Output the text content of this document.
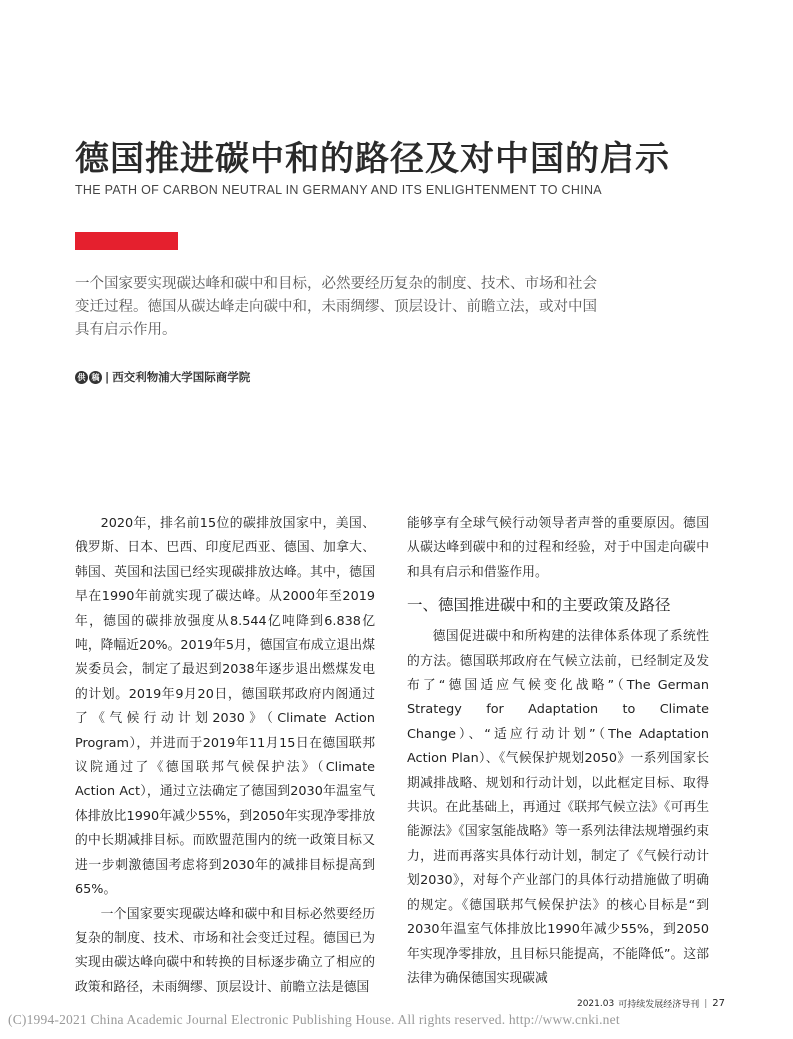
德国推进碳中和的路径及对中国的启示
THE PATH OF CARBON NEUTRAL IN GERMANY AND ITS ENLIGHTENMENT TO CHINA

一个国家要实现碳达峰和碳中和目标，必然要经历复杂的制度、技术、市场和社会

变迁过程。德国从碳达峰走向碳中和，未雨绸缪、顶层设计、前瞻立法，或对中国

具有启示作用。

供 稿 | 西交利物浦大学国际商学院

2020年，排名前15位的碳排放国家中，美国、俄罗斯、日本、巴西、印度尼西亚、德国、加拿大、韩国、英国和法国已经实现碳排放达峰。其中，德国早在1990年前就实现了碳达峰。从2000年至2019年，德国的碳排放强度从8.544亿吨降到6.838亿吨，降幅近20%。2019年5月，德国宣布成立退出煤炭委员会，制定了最迟到2038年逐步退出燃煤发电的计划。2019年9月20日，德国联邦政府内阁通过了《气候行动计划2030》（Climate Action Program），并进而于2019年11月15日在德国联邦议院通过了《德国联邦气候保护法》（Climate Action Act），通过立法确定了德国到2030年温室气体排放比1990年减少55%，到2050年实现净零排放的中长期减排目标。而欧盟范围内的统一政策目标又进一步刺激德国考虑将到2030年的减排目标提高到65%。

一个国家要实现碳达峰和碳中和目标必然要经历复杂的制度、技术、市场和社会变迁过程。德国已为实现由碳达峰向碳中和转换的目标逐步确立了相应的政策和路径，未雨绸缪、顶层设计、前瞻立法是德国

能够享有全球气候行动领导者声誉的重要原因。德国从碳达峰到碳中和的过程和经验，对于中国走向碳中和具有启示和借鉴作用。

一、德国推进碳中和的主要政策及路径

德国促进碳中和所构建的法律体系体现了系统性的方法。德国联邦政府在气候立法前，已经制定及发布了“德国适应气候变化战略”（The German Strategy for Adaptation to Climate Change）、“适应行动计划”（The Adaptation Action Plan）、《气候保护规划2050》一系列国家长期减排战略、规划和行动计划，以此框定目标、取得共识。在此基础上，再通过《联邦气候立法》《可再生能源法》《国家氢能战略》等一系列法律法规增强约束力，进而再落实具体行动计划，制定了《气候行动计划2030》，对每个产业部门的具体行动措施做了明确的规定。《德国联邦气候保护法》的核心目标是“到2030年温室气体排放比1990年减少55%，到2050年实现净零排放，且目标只能提高，不能降低”。这部法律为确保德国实现碳减

2021.03 可持续发展经济导刊 | 27
(C)1994-2021 China Academic Journal Electronic Publishing House. All rights reserved. http://www.cnki.net
